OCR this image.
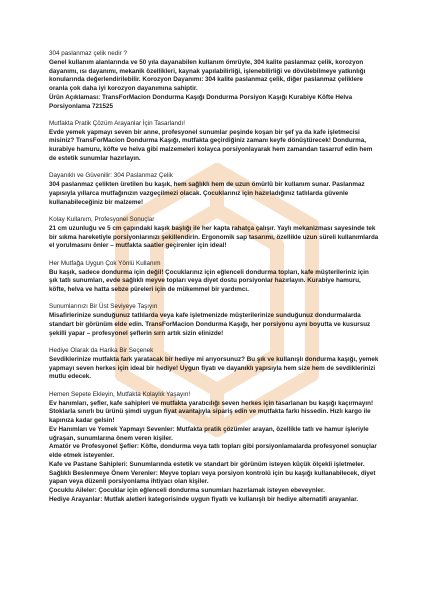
304 paslanmaz çelik nedir ?

Genel kullanım alanlarında ve 50 yıla dayanabilen kullanım ömrüyle, 304 kalite paslanmaz çelik, korozyon dayanımı, ısı dayanımı, mekanik özellikleri, kaynak yapılabilirliği, işlenebilirliği ve dövülebilmeye yatkınlığı konularında değerlendirilebilir. Korozyon Dayanımı: 304 kalite paslanmaz çelik, diğer paslanmaz çeliklere oranla çok daha iyi korozyon dayanımına sahiptir.

Ürün Açıklaması: TransForMacion Dondurma Kaşığı Dondurma Porsiyon Kaşığı Kurabiye Köfte Helva Porsiyonlama 721525

Mutfakta Pratik Çözüm Arayanlar İçin Tasarlandı!

Evde yemek yapmayı seven bir anne, profesyonel sunumlar peşinde koşan bir şef ya da kafe işletmecisi misiniz? TransForMacion Dondurma Kaşığı, mutfakta geçirdiğiniz zamanı keyfe dönüştürecek! Dondurma, kurabiye hamuru, köfte ve helva gibi malzemeleri kolayca porsiyonlayarak hem zamandan tasarruf edin hem de estetik sunumlar hazırlayın.

Dayanıklı ve Güvenilir: 304 Paslanmaz Çelik

304 paslanmaz çelikten üretilen bu kaşık, hem sağlıklı hem de uzun ömürlü bir kullanım sunar. Paslanmaz yapısıyla yıllarca mutfağınızın vazgeçilmezi olacak. Çocuklarınız için hazırladığınız tatlılarda güvenle kullanabileceğiniz bir malzeme!

Kolay Kullanım, Profesyonel Sonuçlar

21 cm uzunluğu ve 5 cm çapındaki kaşık başlığı ile her kapta rahatça çalışır. Yaylı mekanizması sayesinde tek bir sıkma hareketiyle porsiyonlarınızı şekillendirin. Ergonomik sap tasarımı, özellikle uzun süreli kullanımlarda el yorulmasını önler – mutfakta saatler geçirenler için ideal!

Her Mutfağa Uygun Çok Yönlü Kullanım

Bu kaşık, sadece dondurma için değil! Çocuklarınız için eğlenceli dondurma topları, kafe müşterileriniz için şık tatlı sunumları, evde sağlıklı meyve topları veya diyet dostu porsiyonlar hazırlayın. Kurabiye hamuru, köfte, helva ve hatta sebze püreleri için de mükemmel bir yardımcı.

Sunumlarınızı Bir Üst Seviyeye Taşıyın

Misafirlerinize sunduğunuz tatlılarda veya kafe işletmenizde müşterilerinize sunduğunuz dondurmalarda standart bir görünüm elde edin. TransForMacion Dondurma Kaşığı, her porsiyonu aynı boyutta ve kusursuz şekilli yapar – profesyonel şeflerin sırrı artık sizin elinizde!

Hediye Olarak da Harika Bir Seçenek

Sevdiklerinize mutfakta fark yaratacak bir hediye mi arıyorsunuz? Bu şık ve kullanışlı dondurma kaşığı, yemek yapmayı seven herkes için ideal bir hediye! Uygun fiyatı ve dayanıklı yapısıyla hem size hem de sevdiklerinizi mutlu edecek.

Hemen Sepete Ekleyin, Mutfakta Kolaylık Yaşayın!

Ev hanımları, şefler, kafe sahipleri ve mutfakta yaratıcılığı seven herkes için tasarlanan bu kaşığı kaçırmayın! Stoklarla sınırlı bu ürünü şimdi uygun fiyat avantajıyla sipariş edin ve mutfakta farkı hissedin. Hızlı kargo ile kapınıza kadar gelsin!

Ev Hanımları ve Yemek Yapmayı Sevenler: Mutfakta pratik çözümler arayan, özellikle tatlı ve hamur işleriyle uğraşan, sunumlarına önem veren kişiler.

Amatör ve Profesyonel Şefler: Köfte, dondurma veya tatlı topları gibi porsiyonlamalarda profesyonel sonuçlar elde etmek isteyenler.

Kafe ve Pastane Sahipleri: Sunumlarında estetik ve standart bir görünüm isteyen küçük ölçekli işletmeler.

Sağlıklı Beslenmeye Önem Verenler: Meyve topları veya porsiyon kontrolü için bu kaşığı kullanabilecek, diyet yapan veya düzenli porsiyonlama ihtiyacı olan kişiler.

Çocuklu Aileler: Çocuklar için eğlenceli dondurma sunumları hazırlamak isteyen ebeveynler.

Hediye Arayanlar: Mutfak aletleri kategorisinde uygun fiyatlı ve kullanışlı bir hediye alternatifi arayanlar.
